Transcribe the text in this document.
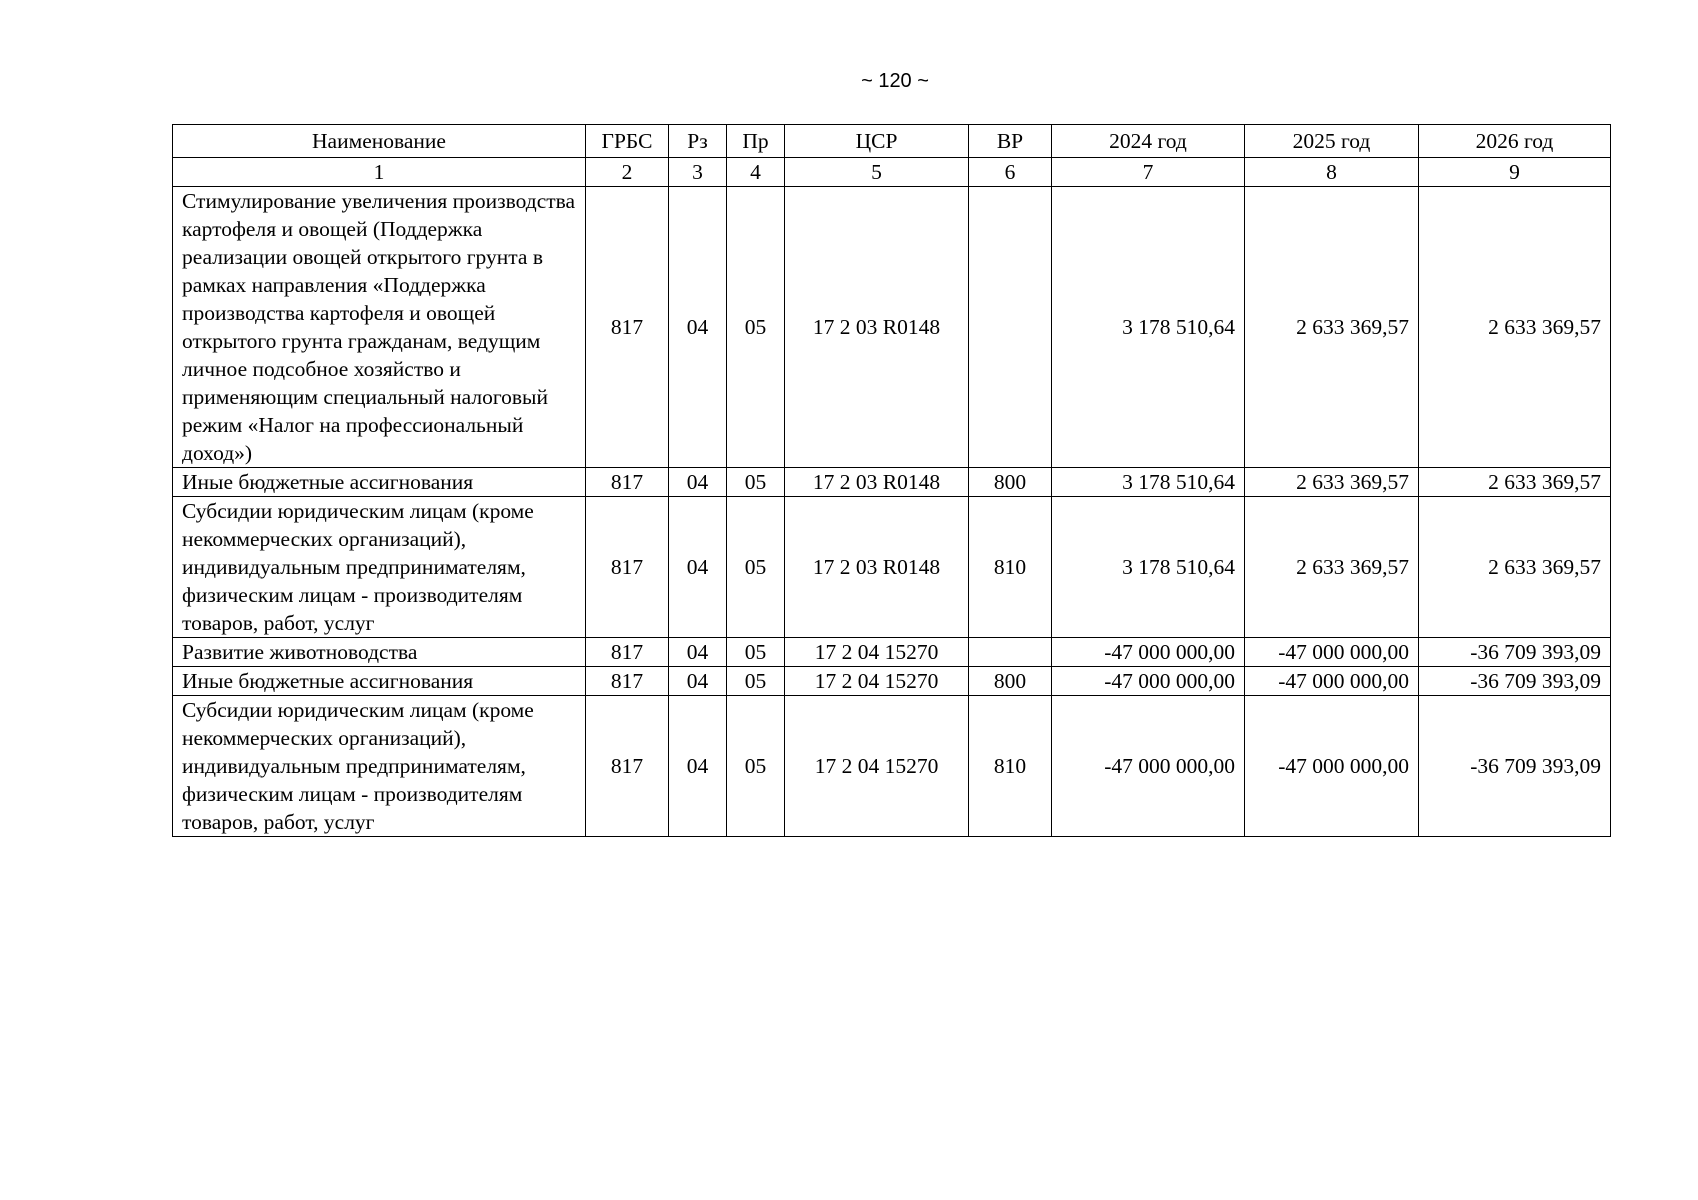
~ 120 ~
Наименование	ГРБС	Рз	Пр	ЦСР	ВР	2024 год	2025 год	2026 год
1	2	3	4	5	6	7	8	9
Стимулирование увеличения производства картофеля и овощей (Поддержка реализации овощей открытого грунта в рамках направления «Поддержка производства картофеля и овощей открытого грунта гражданам, ведущим личное подсобное хозяйство и применяющим специальный налоговый режим «Налог на профессиональный доход»)	817	04	05	17 2 03 R0148		3 178 510,64	2 633 369,57	2 633 369,57
Иные бюджетные ассигнования	817	04	05	17 2 03 R0148	800	3 178 510,64	2 633 369,57	2 633 369,57
Субсидии юридическим лицам (кроме некоммерческих организаций), индивидуальным предпринимателям, физическим лицам - производителям товаров, работ, услуг	817	04	05	17 2 03 R0148	810	3 178 510,64	2 633 369,57	2 633 369,57
Развитие животноводства	817	04	05	17 2 04 15270		-47 000 000,00	-47 000 000,00	-36 709 393,09
Иные бюджетные ассигнования	817	04	05	17 2 04 15270	800	-47 000 000,00	-47 000 000,00	-36 709 393,09
Субсидии юридическим лицам (кроме некоммерческих организаций), индивидуальным предпринимателям, физическим лицам - производителям товаров, работ, услуг	817	04	05	17 2 04 15270	810	-47 000 000,00	-47 000 000,00	-36 709 393,09
